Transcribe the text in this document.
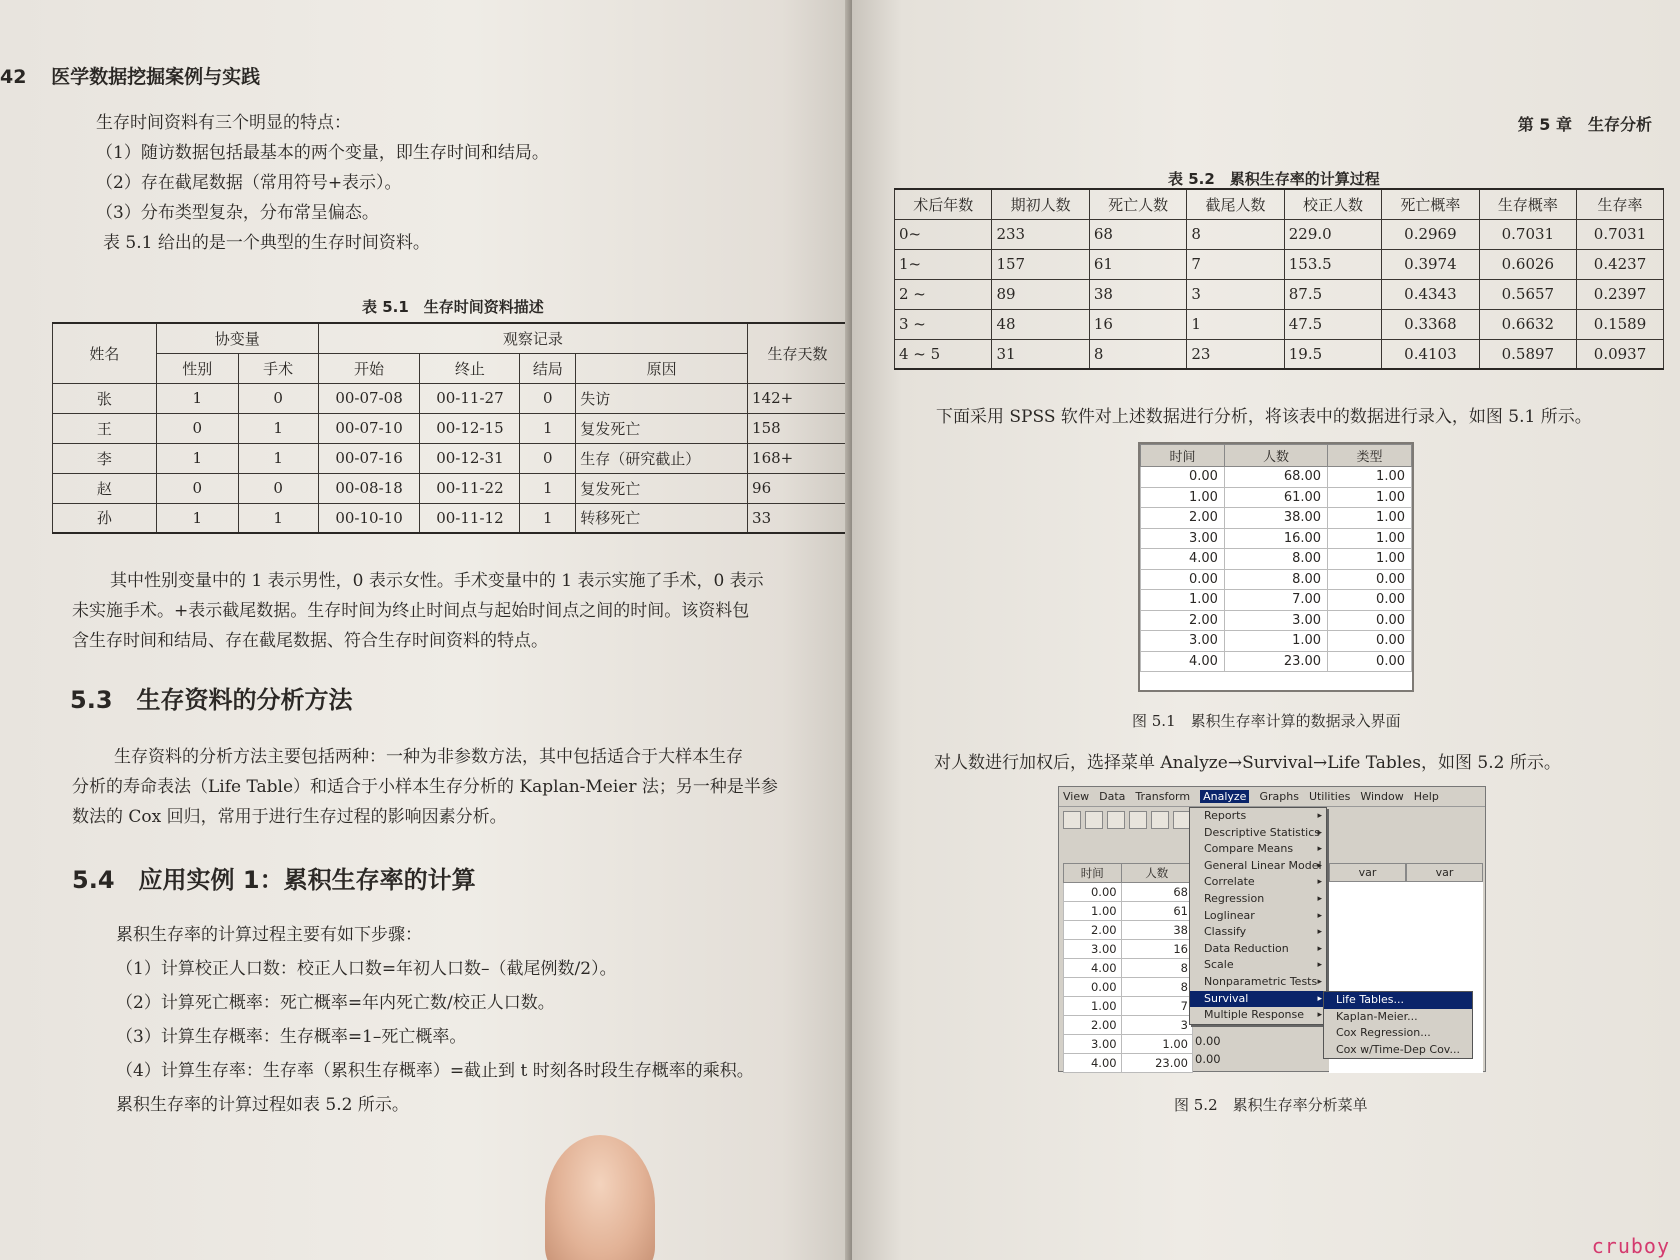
42 医学数据挖掘案例与实践
生存时间资料有三个明显的特点：
（1）随访数据包括最基本的两个变量，即生存时间和结局。
（2）存在截尾数据（常用符号+表示）。
（3）分布类型复杂，分布常呈偏态。
表 5.1 给出的是一个典型的生存时间资料。
表 5.1　生存时间资料描述
姓名	协变量		观察记录				生存天数
	性别	手术	开始	终止	结局	原因	
张	1	0	00-07-08	00-11-27	0	失访	142+
王	0	1	00-07-10	00-12-15	1	复发死亡	158
李	1	1	00-07-16	00-12-31	0	生存（研究截止）	168+
赵	0	0	00-08-18	00-11-22	1	复发死亡	96
孙	1	1	00-10-10	00-11-12	1	转移死亡	33
其中性别变量中的 1 表示男性，0 表示女性。手术变量中的 1 表示实施了手术，0 表示
未实施手术。+表示截尾数据。生存时间为终止时间点与起始时间点之间的时间。该资料包
含生存时间和结局、存在截尾数据、符合生存时间资料的特点。
5.3　生存资料的分析方法
生存资料的分析方法主要包括两种：一种为非参数方法，其中包括适合于大样本生存
分析的寿命表法（Life Table）和适合于小样本生存分析的 Kaplan-Meier 法；另一种是半参
数法的 Cox 回归，常用于进行生存过程的影响因素分析。
5.4　应用实例 1：累积生存率的计算
累积生存率的计算过程主要有如下步骤：
（1）计算校正人口数：校正人口数=年初人口数–（截尾例数/2）。
（2）计算死亡概率：死亡概率=年内死亡数/校正人口数。
（3）计算生存概率：生存概率=1–死亡概率。
（4）计算生存率：生存率（累积生存概率）=截止到 t 时刻各时段生存概率的乘积。
累积生存率的计算过程如表 5.2 所示。
第 5 章　生存分析
表 5.2　累积生存率的计算过程
术后年数	期初人数	死亡人数	截尾人数	校正人数	死亡概率	生存概率	生存率
0~	233	68	8	229.0	0.2969	0.7031	0.7031
1~	157	61	7	153.5	0.3974	0.6026	0.4237
2 ~	89	38	3	87.5	0.4343	0.5657	0.2397
3 ~	48	16	1	47.5	0.3368	0.6632	0.1589
4 ~ 5	31	8	23	19.5	0.4103	0.5897	0.0937
下面采用 SPSS 软件对上述数据进行分析，将该表中的数据进行录入，如图 5.1 所示。
时间	人数	类型
0.00	68.00	1.00
1.00	61.00	1.00
2.00	38.00	1.00
3.00	16.00	1.00
4.00	8.00	1.00
0.00	8.00	0.00
1.00	7.00	0.00
2.00	3.00	0.00
3.00	1.00	0.00
4.00	23.00	0.00
图 5.1　累积生存率计算的数据录入界面
对人数进行加权后，选择菜单 Analyze→Survival→Life Tables，如图 5.2 所示。
View Data Transform Analyze Graphs Utilities Window Help
时间	人数
0.00	68
1.00	61
2.00	38
3.00	16
4.00	8
0.00	8
1.00	7
2.00	3
3.00	1.00
4.00	23.00 0.00
0.00
var	var
Reports ▸
Descriptive Statistics ▸
Compare Means ▸
General Linear Model ▸
Correlate ▸
Regression ▸
Loglinear ▸
Classify ▸
Data Reduction ▸
Scale ▸
Nonparametric Tests ▸
Survival ▸
Multiple Response ▸
Life Tables...
Kaplan-Meier...
Cox Regression...
Cox w/Time-Dep Cov...
图 5.2　累积生存率分析菜单
cruboy
